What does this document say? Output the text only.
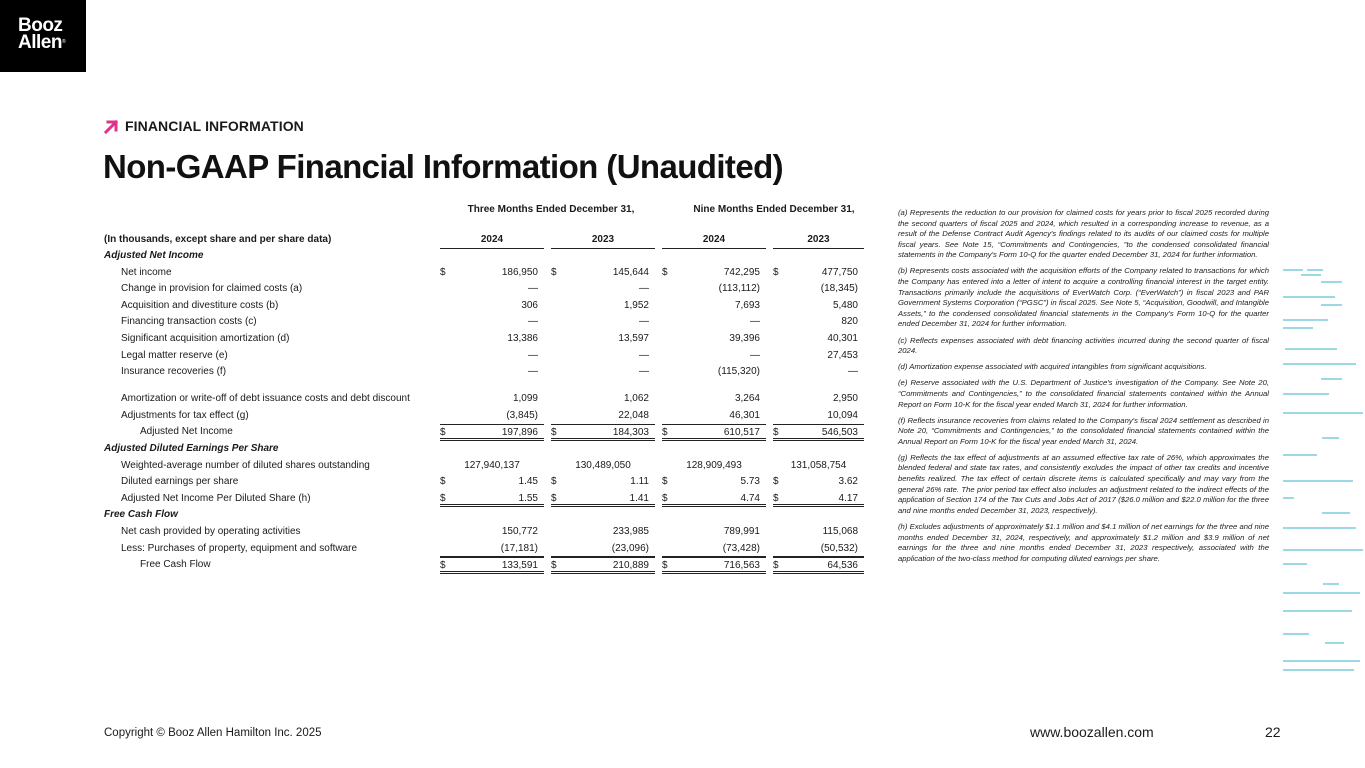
Booz
Allen®
FINANCIAL INFORMATION
Non-GAAP Financial Information (Unaudited)
Three Months Ended December 31,	Nine Months Ended December 31,
(In thousands, except share and per share data)	2024	2023	2024	2023
Adjusted Net Income
Net income	$	186,950 $	145,644 $	742,295 $	477,750
Change in provision for claimed costs (a)	—	—	(113,112)	(18,345)
Acquisition and divestiture costs (b)	306	1,952	7,693	5,480
Financing transaction costs (c)	—	—	—	820
Significant acquisition amortization (d)	13,386	13,597	39,396	40,301
Legal matter reserve (e)	—	—	—	27,453
Insurance recoveries (f)	—	—	(115,320)	—
Amortization or write-off of debt issuance costs and debt discount	1,099	1,062	3,264	2,950
Adjustments for tax effect (g)	(3,845)	22,048	46,301	10,094
Adjusted Net Income	$	197,896 $	184,303 $	610,517 $	546,503
Adjusted Diluted Earnings Per Share
Weighted-average number of diluted shares outstanding	127,940,137	130,489,050	128,909,493	131,058,754
Diluted earnings per share	$	1.45 $	1.11 $	5.73 $	3.62
Adjusted Net Income Per Diluted Share (h)	$	1.55 $	1.41 $	4.74 $	4.17
Free Cash Flow
Net cash provided by operating activities	150,772	233,985	789,991	115,068
Less: Purchases of property, equipment and software	(17,181)	(23,096)	(73,428)	(50,532)
Free Cash Flow	$	133,591 $	210,889 $	716,563 $	64,536

(a) Represents the reduction to our provision for claimed costs for years prior to fiscal 2025 recorded during the second quarters of fiscal 2025 and 2024, which resulted in a corresponding increase to revenue, as a result of the Defense Contract Audit Agency's findings related to its audits of our claimed costs for multiple fiscal years. See Note 15, “Commitments and Contingencies, ”to the condensed consolidated financial statements in the Company's Form 10-Q for the quarter ended December 31, 2024 for further information.

(b) Represents costs associated with the acquisition efforts of the Company related to transactions for which the Company has entered into a letter of intent to acquire a controlling financial interest in the target entity. Transactions primarily include the acquisitions of EverWatch Corp. (“EverWatch”) in fiscal 2023 and PAR Government Systems Corporation (“PGSC”) in fiscal 2025. See Note 5, “Acquisition, Goodwill, and Intangible Assets,” to the condensed consolidated financial statements in the Company's Form 10-Q for the quarter ended December 31, 2024 for further information.

(c) Reflects expenses associated with debt financing activities incurred during the second quarter of fiscal 2024.

(d) Amortization expense associated with acquired intangibles from significant acquisitions.

(e) Reserve associated with the U.S. Department of Justice's investigation of the Company. See Note 20, “Commitments and Contingencies,” to the consolidated financial statements contained within the Annual Report on Form 10-K for the fiscal year ended March 31, 2024 for further information.

(f) Reflects insurance recoveries from claims related to the Company's fiscal 2024 settlement as described in Note 20, “Commitments and Contingencies,” to the consolidated financial statements contained within the Annual Report on Form 10-K for the fiscal year ended March 31, 2024.

(g) Reflects the tax effect of adjustments at an assumed effective tax rate of 26%, which approximates the blended federal and state tax rates, and consistently excludes the impact of other tax credits and incentive benefits realized. The tax effect of certain discrete items is calculated specifically and may vary from the general 26% rate. The prior period tax effect also includes an adjustment related to the indirect effects of the application of Section 174 of the Tax Cuts and Jobs Act of 2017 ($26.0 million and $22.0 million for the three and nine months ended December 31, 2023, respectively).

(h) Excludes adjustments of approximately $1.1 million and $4.1 million of net earnings for the three and nine months ended December 31, 2024, respectively, and approximately $1.2 million and $3.9 million of net earnings for the three and nine months ended December 31, 2023 respectively, associated with the application of the two-class method for computing diluted earnings per share.

Copyright © Booz Allen Hamilton Inc. 2025	www.boozallen.com	22
